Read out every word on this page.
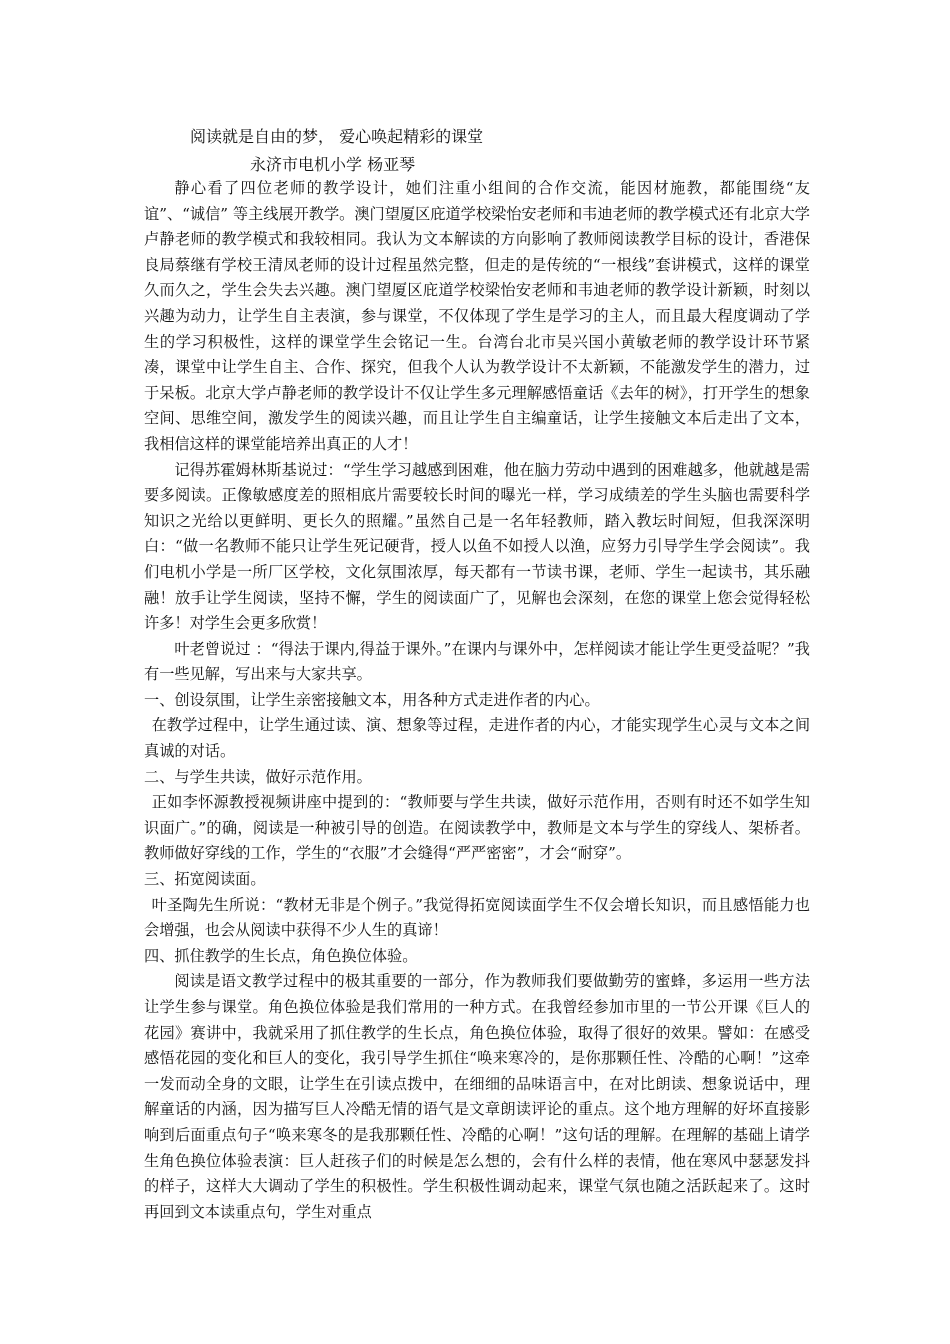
阅读就是自由的梦， 爱心唤起精彩的课堂
永济市电机小学 杨亚琴

静心看了四位老师的教学设计，她们注重小组间的合作交流，能因材施教，都能围绕“友谊”、“诚信” 等主线展开教学。澳门望厦区庇道学校梁怡安老师和韦迪老师的教学模式还有北京大学卢静老师的教学模式和我较相同。我认为文本解读的方向影响了教师阅读教学目标的设计，香港保良局蔡继有学校王清凤老师的设计过程虽然完整，但走的是传统的“一根线”套讲模式，这样的课堂久而久之，学生会失去兴趣。澳门望厦区庇道学校梁怡安老师和韦迪老师的教学设计新颖，时刻以兴趣为动力，让学生自主表演，参与课堂，不仅体现了学生是学习的主人，而且最大程度调动了学生的学习积极性，这样的课堂学生会铭记一生。台湾台北市吴兴国小黄敏老师的教学设计环节紧凑，课堂中让学生自主、合作、探究，但我个人认为教学设计不太新颖，不能激发学生的潜力，过于呆板。北京大学卢静老师的教学设计不仅让学生多元理解感悟童话《去年的树》，打开学生的想象空间、思维空间，激发学生的阅读兴趣，而且让学生自主编童话，让学生接触文本后走出了文本，我相信这样的课堂能培养出真正的人才！

记得苏霍姆林斯基说过：“学生学习越感到困难，他在脑力劳动中遇到的困难越多，他就越是需要多阅读。正像敏感度差的照相底片需要较长时间的曝光一样，学习成绩差的学生头脑也需要科学知识之光给以更鲜明、更长久的照耀。”虽然自己是一名年轻教师，踏入教坛时间短，但我深深明白：“做一名教师不能只让学生死记硬背，授人以鱼不如授人以渔，应努力引导学生学会阅读”。我们电机小学是一所厂区学校，文化氛围浓厚，每天都有一节读书课，老师、学生一起读书，其乐融融！放手让学生阅读，坚持不懈，学生的阅读面广了，见解也会深刻，在您的课堂上您会觉得轻松许多！对学生会更多欣赏！

叶老曾说过 ：“得法于课内,得益于课外。”在课内与课外中，怎样阅读才能让学生更受益呢？”我有一些见解，写出来与大家共享。

一、创设氛围，让学生亲密接触文本，用各种方式走进作者的内心。

在教学过程中，让学生通过读、演、想象等过程，走进作者的内心，才能实现学生心灵与文本之间真诚的对话。

二、与学生共读，做好示范作用。

正如李怀源教授视频讲座中提到的：“教师要与学生共读，做好示范作用，否则有时还不如学生知识面广。”的确，阅读是一种被引导的创造。在阅读教学中，教师是文本与学生的穿线人、架桥者。教师做好穿线的工作，学生的“衣服”才会缝得“严严密密”，才会“耐穿”。

三、拓宽阅读面。

叶圣陶先生所说：“教材无非是个例子。”我觉得拓宽阅读面学生不仅会增长知识，而且感悟能力也会增强，也会从阅读中获得不少人生的真谛！

四、抓住教学的生长点，角色换位体验。

阅读是语文教学过程中的极其重要的一部分，作为教师我们要做勤劳的蜜蜂，多运用一些方法让学生参与课堂。角色换位体验是我们常用的一种方式。在我曾经参加市里的一节公开课《巨人的花园》赛讲中，我就采用了抓住教学的生长点，角色换位体验，取得了很好的效果。譬如：在感受感悟花园的变化和巨人的变化，我引导学生抓住“唤来寒冷的，是你那颗任性、冷酷的心啊！”这牵一发而动全身的文眼，让学生在引读点拨中，在细细的品味语言中，在对比朗读、想象说话中，理解童话的内涵，因为描写巨人冷酷无情的语气是文章朗读评论的重点。这个地方理解的好坏直接影响到后面重点句子“唤来寒冬的是我那颗任性、冷酷的心啊！”这句话的理解。在理解的基础上请学生角色换位体验表演：巨人赶孩子们的时候是怎么想的，会有什么样的表情，他在寒风中瑟瑟发抖的样子，这样大大调动了学生的积极性。学生积极性调动起来，课堂气氛也随之活跃起来了。这时再回到文本读重点句，学生对重点
